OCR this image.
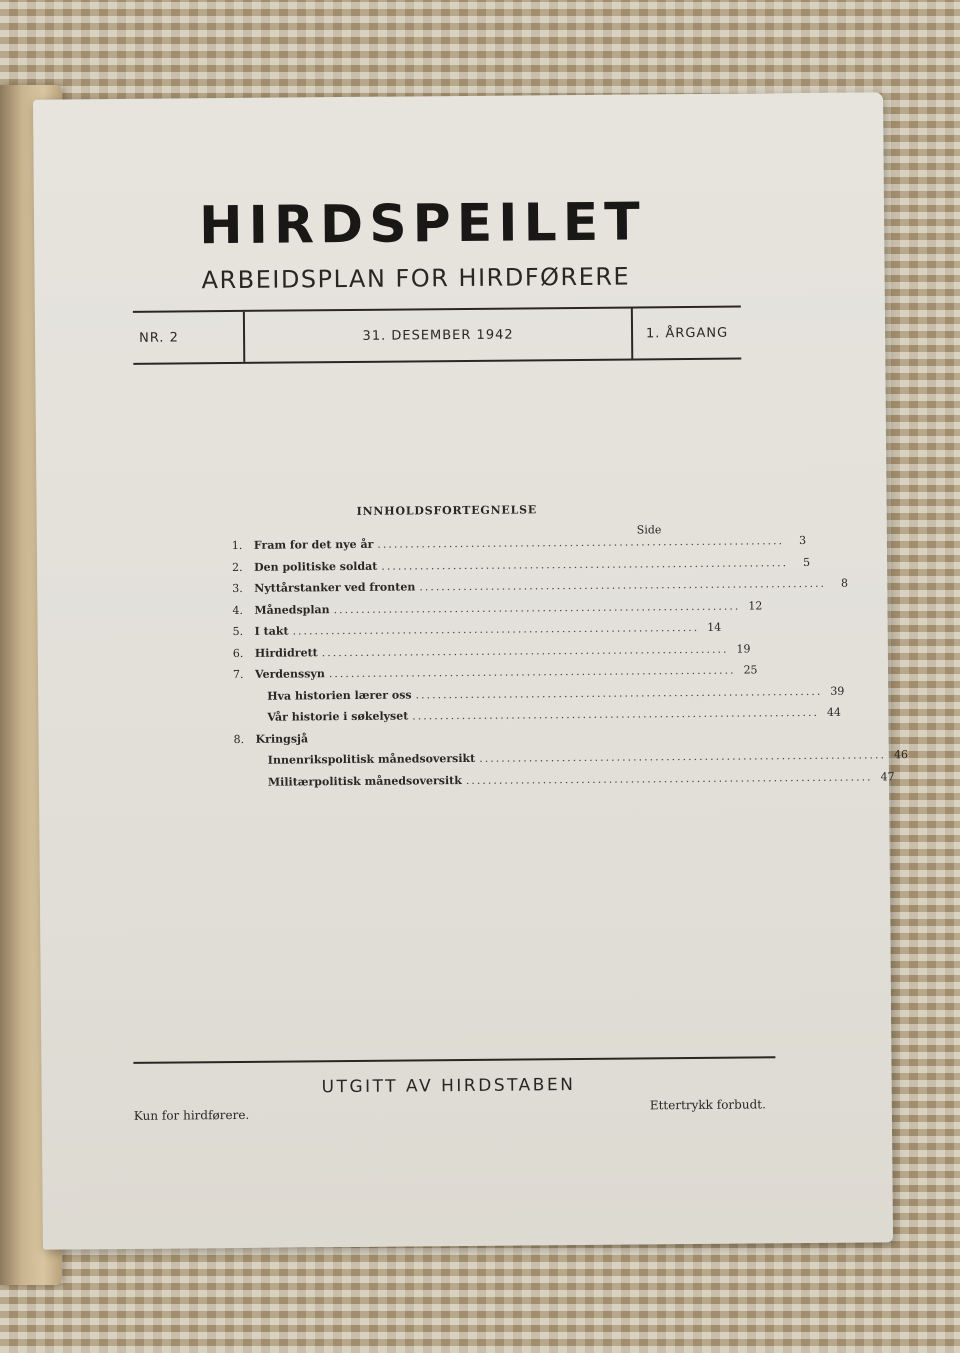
HIRDSPEILET
ARBEIDSPLAN FOR HIRDFØRERE
NR. 2	31. DESEMBER 1942	1. ÅRGANG
INNHOLDSFORTEGNELSE
Side
1.	Fram for det nye år ..........................................................................	3
2.	Den politiske soldat ..........................................................................	5
3.	Nyttårstanker ved fronten ..........................................................................	8
4.	Månedsplan .......................................................................... 12
5.	I takt .......................................................................... 14
6.	Hirdidrett .......................................................................... 19
7.	Verdenssyn .......................................................................... 25
Hva historien lærer oss .......................................................................... 39
Vår historie i søkelyset .......................................................................... 44
8.	Kringsjå
Innenrikspolitisk månedsoversikt .......................................................................... 46
Militærpolitisk månedsoversitk .......................................................................... 47
UTGITT AV HIRDSTABEN
Kun for hirdførere.
Ettertrykk forbudt.
